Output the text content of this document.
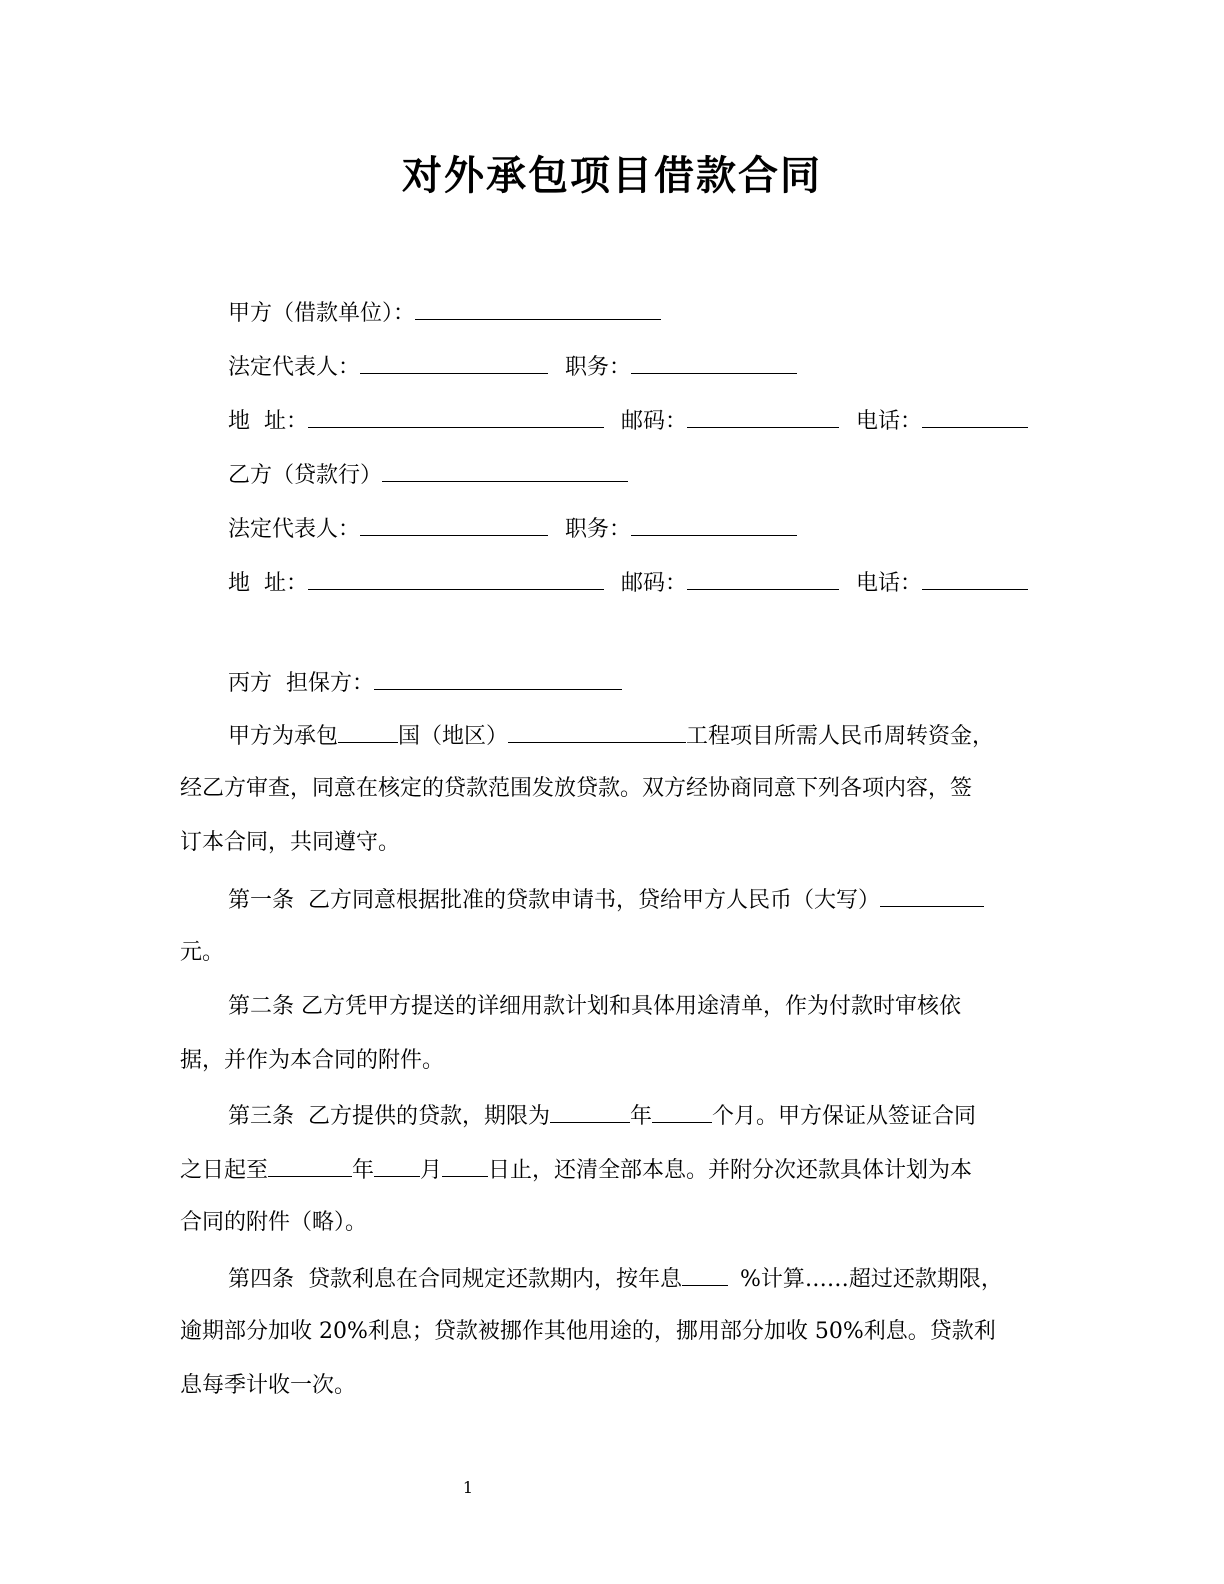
对外承包项目借款合同
甲方（借款单位）：
法定代表人：	职务：
地  址：	邮码：	电话：
乙方（贷款行）
法定代表人：	职务：
地  址：	邮码：	电话：
丙方  担保方：
甲方为承包	国（地区）	工程项目所需人民币周转资金，
经乙方审查，同意在核定的贷款范围发放贷款。双方经协商同意下列各项内容，签
订本合同，共同遵守。
第一条  乙方同意根据批准的贷款申请书，贷给甲方人民币（大写）
元。
第二条 乙方凭甲方提送的详细用款计划和具体用途清单，作为付款时审核依
据，并作为本合同的附件。
第三条  乙方提供的贷款，期限为	年	个月。甲方保证从签证合同
之日起至	年 月 日止，还清全部本息。并附分次还款具体计划为本
合同的附件（略）。
第四条  贷款利息在合同规定还款期内，按年息	%计算……超过还款期限，
逾期部分加收 20%利息；贷款被挪作其他用途的，挪用部分加收 50%利息。贷款利
息每季计收一次。
1
